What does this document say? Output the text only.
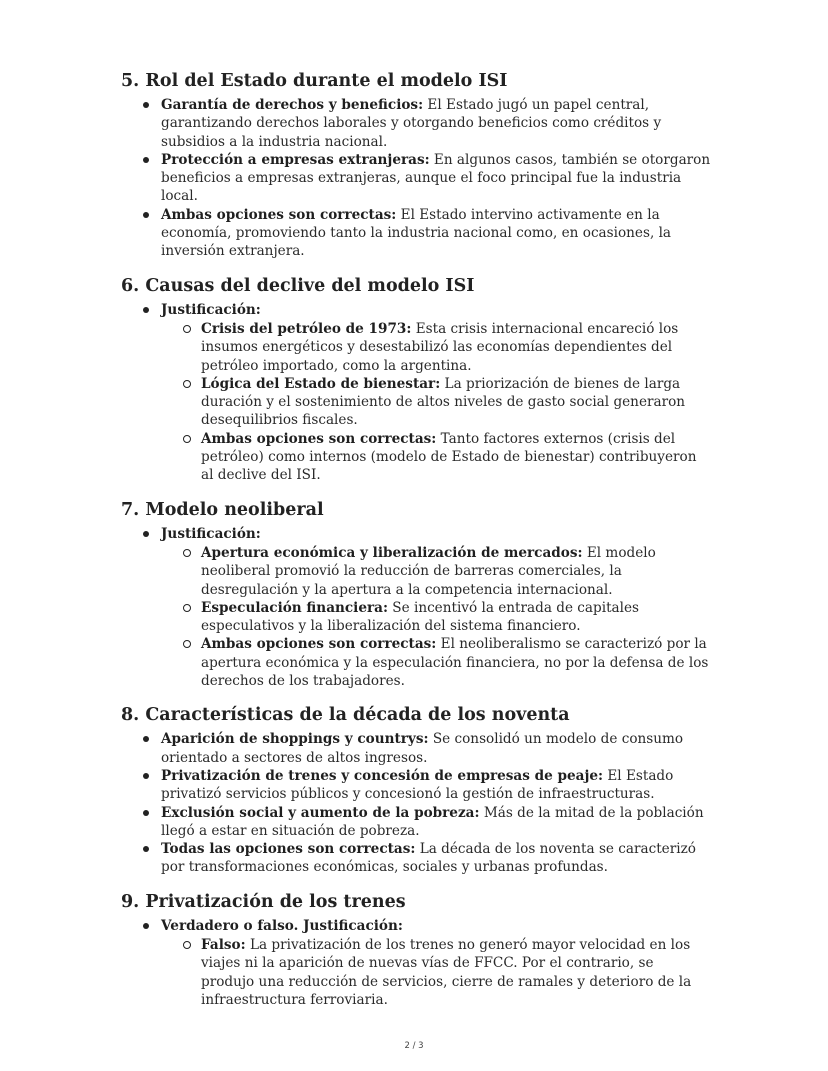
5. Rol del Estado durante el modelo ISI
Garantía de derechos y beneficios: El Estado jugó un papel central, garantizando derechos laborales y otorgando beneficios como créditos y subsidios a la industria nacional.
Protección a empresas extranjeras: En algunos casos, también se otorgaron beneficios a empresas extranjeras, aunque el foco principal fue la industria local.
Ambas opciones son correctas: El Estado intervino activamente en la economía, promoviendo tanto la industria nacional como, en ocasiones, la inversión extranjera.
6. Causas del declive del modelo ISI
Justificación:
Crisis del petróleo de 1973: Esta crisis internacional encareció los insumos energéticos y desestabilizó las economías dependientes del petróleo importado, como la argentina.
Lógica del Estado de bienestar: La priorización de bienes de larga duración y el sostenimiento de altos niveles de gasto social generaron desequilibrios fiscales.
Ambas opciones son correctas: Tanto factores externos (crisis del petróleo) como internos (modelo de Estado de bienestar) contribuyeron al declive del ISI.
7. Modelo neoliberal
Justificación:
Apertura económica y liberalización de mercados: El modelo neoliberal promovió la reducción de barreras comerciales, la desregulación y la apertura a la competencia internacional.
Especulación financiera: Se incentivó la entrada de capitales especulativos y la liberalización del sistema financiero.
Ambas opciones son correctas: El neoliberalismo se caracterizó por la apertura económica y la especulación financiera, no por la defensa de los derechos de los trabajadores.
8. Características de la década de los noventa
Aparición de shoppings y countrys: Se consolidó un modelo de consumo orientado a sectores de altos ingresos.
Privatización de trenes y concesión de empresas de peaje: El Estado privatizó servicios públicos y concesionó la gestión de infraestructuras.
Exclusión social y aumento de la pobreza: Más de la mitad de la población llegó a estar en situación de pobreza.
Todas las opciones son correctas: La década de los noventa se caracterizó por transformaciones económicas, sociales y urbanas profundas.
9. Privatización de los trenes
Verdadero o falso. Justificación:
Falso: La privatización de los trenes no generó mayor velocidad en los viajes ni la aparición de nuevas vías de FFCC. Por el contrario, se produjo una reducción de servicios, cierre de ramales y deterioro de la infraestructura ferroviaria.
2 / 3
